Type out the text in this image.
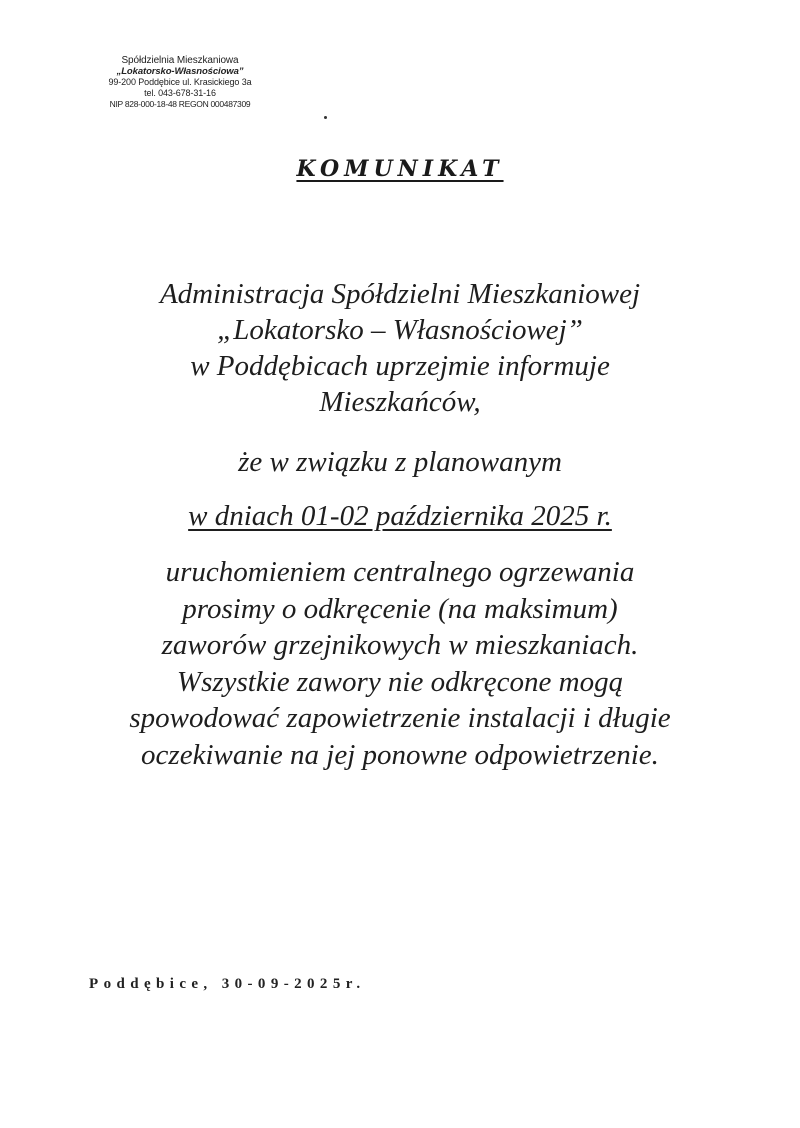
Spółdzielnia Mieszkaniowa
„Lokatorsko-Własnościowa”
99-200 Poddębice ul. Krasickiego 3a
tel. 043-678-31-16
NIP 828-000-18-48 REGON 000487309
KOMUNIKAT
Administracja Spółdzielni Mieszkaniowej
„Lokatorsko – Własnościowej”
w Poddębicach uprzejmie informuje
Mieszkańców,
że w związku z planowanym
w dniach 01-02 października 2025 r.
uruchomieniem centralnego ogrzewania
prosimy o odkręcenie (na maksimum)
zaworów grzejnikowych w mieszkaniach.
Wszystkie zawory nie odkręcone mogą
spowodować zapowietrzenie instalacji i długie
oczekiwanie na jej ponowne odpowietrzenie.
Poddębice, 30-09-2025r.
